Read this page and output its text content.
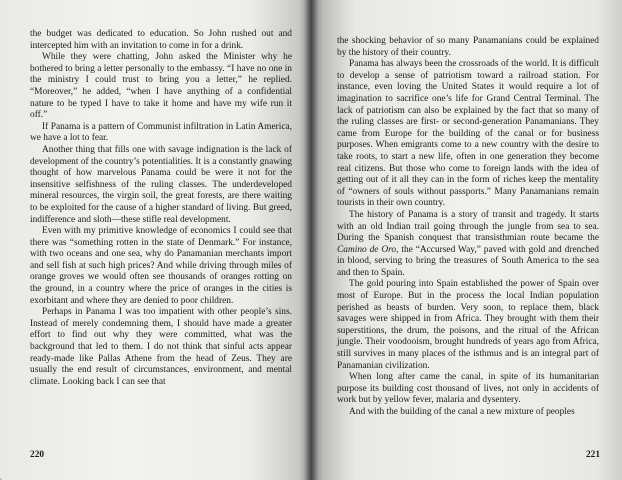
the budget was dedicated to education. So John rushed out and intercepted him with an invitation to come in for a drink.

While they were chatting, John asked the Minister why he bothered to bring a letter personally to the embassy. “I have no one in the ministry I could trust to bring you a letter,” he replied. “Moreover,” he added, “when I have anything of a confidential nature to be typed I have to take it home and have my wife run it off.”

If Panama is a pattern of Communist infiltration in Latin America, we have a lot to fear.

Another thing that fills one with savage indignation is the lack of development of the country’s potentialities. It is a constantly gnawing thought of how marvelous Panama could be were it not for the insensitive selfishness of the ruling classes. The underdeveloped mineral resources, the virgin soil, the great forests, are there waiting to be exploited for the cause of a higher standard of living. But greed, indifference and sloth—these stifle real development.

Even with my primitive knowledge of economics I could see that there was “something rotten in the state of Denmark.” For instance, with two oceans and one sea, why do Panamanian merchants import and sell fish at such high prices? And while driving through miles of orange groves we would often see thousands of oranges rotting on the ground, in a country where the price of oranges in the cities is exorbitant and where they are denied to poor children.

Perhaps in Panama I was too impatient with other people’s sins. Instead of merely condemning them, I should have made a greater effort to find out why they were committed, what was the background that led to them. I do not think that sinful acts appear ready-made like Pallas Athene from the head of Zeus. They are usually the end result of circumstances, environment, and mental climate. Looking back I can see that

220

the shocking behavior of so many Panamanians could be explained by the history of their country.

Panama has always been the crossroads of the world. It is difficult to develop a sense of patriotism toward a railroad station. For instance, even loving the United States it would require a lot of imagination to sacrifice one’s life for Grand Central Terminal. The lack of patriotism can also be explained by the fact that so many of the ruling classes are first- or second-generation Panamanians. They came from Europe for the building of the canal or for business purposes. When emigrants come to a new country with the desire to take roots, to start a new life, often in one generation they become real citizens. But those who come to foreign lands with the idea of getting out of it all they can in the form of riches keep the mentality of “owners of souls without passports.” Many Panamanians remain tourists in their own country.

The history of Panama is a story of transit and tragedy. It starts with an old Indian trail going through the jungle from sea to sea. During the Spanish conquest that transisthmian route became the Camino de Oro, the “Accursed Way,” paved with gold and drenched in blood, serving to bring the treasures of South America to the sea and then to Spain.

The gold pouring into Spain established the power of Spain over most of Europe. But in the process the local Indian population perished as beasts of burden. Very soon, to replace them, black savages were shipped in from Africa. They brought with them their superstitions, the drum, the poisons, and the ritual of the African jungle. Their voodooism, brought hundreds of years ago from Africa, still survives in many places of the isthmus and is an integral part of Panamanian civilization.

When long after came the canal, in spite of its humanitarian purpose its building cost thousand of lives, not only in accidents of work but by yellow fever, malaria and dysentery.

And with the building of the canal a new mixture of peoples

221
